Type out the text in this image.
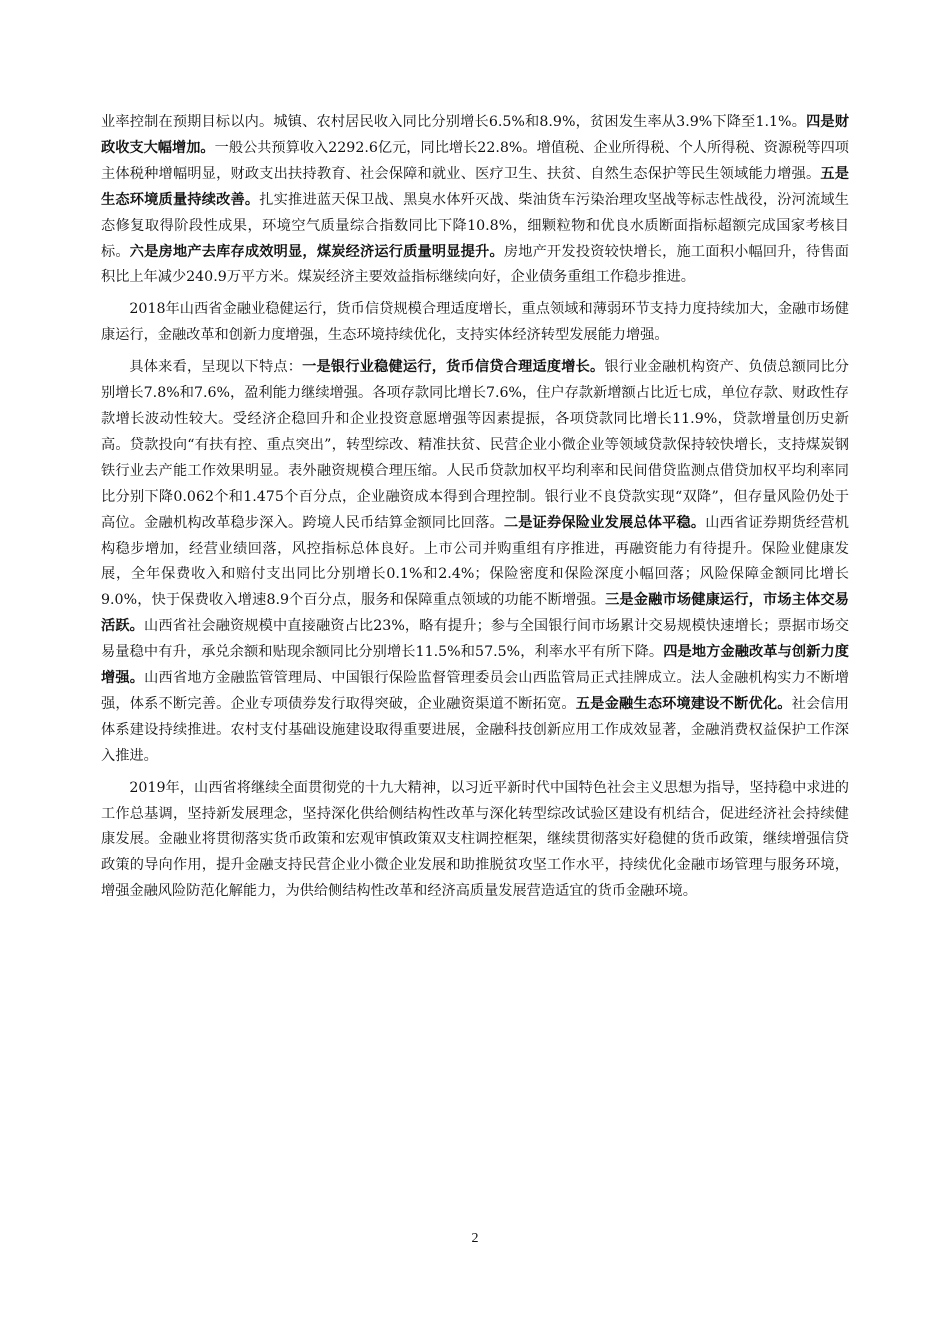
业率控制在预期目标以内。城镇、农村居民收入同比分别增长6.5%和8.9%，贫困发生率从3.9%下降至1.1%。四是财政收支大幅增加。一般公共预算收入2292.6亿元，同比增长22.8%。增值税、企业所得税、个人所得税、资源税等四项主体税种增幅明显，财政支出扶持教育、社会保障和就业、医疗卫生、扶贫、自然生态保护等民生领域能力增强。五是生态环境质量持续改善。扎实推进蓝天保卫战、黑臭水体歼灭战、柴油货车污染治理攻坚战等标志性战役，汾河流域生态修复取得阶段性成果，环境空气质量综合指数同比下降10.8%，细颗粒物和优良水质断面指标超额完成国家考核目标。六是房地产去库存成效明显，煤炭经济运行质量明显提升。房地产开发投资较快增长，施工面积小幅回升，待售面积比上年减少240.9万平方米。煤炭经济主要效益指标继续向好，企业债务重组工作稳步推进。

2018年山西省金融业稳健运行，货币信贷规模合理适度增长，重点领域和薄弱环节支持力度持续加大，金融市场健康运行，金融改革和创新力度增强，生态环境持续优化，支持实体经济转型发展能力增强。

具体来看，呈现以下特点：一是银行业稳健运行，货币信贷合理适度增长。银行业金融机构资产、负债总额同比分别增长7.8%和7.6%，盈利能力继续增强。各项存款同比增长7.6%，住户存款新增额占比近七成，单位存款、财政性存款增长波动性较大。受经济企稳回升和企业投资意愿增强等因素提振，各项贷款同比增长11.9%，贷款增量创历史新高。贷款投向“有扶有控、重点突出”，转型综改、精准扶贫、民营企业小微企业等领域贷款保持较快增长，支持煤炭钢铁行业去产能工作效果明显。表外融资规模合理压缩。人民币贷款加权平均利率和民间借贷监测点借贷加权平均利率同比分别下降0.062个和1.475个百分点，企业融资成本得到合理控制。银行业不良贷款实现“双降”，但存量风险仍处于高位。金融机构改革稳步深入。跨境人民币结算金额同比回落。二是证券保险业发展总体平稳。山西省证券期货经营机构稳步增加，经营业绩回落，风控指标总体良好。上市公司并购重组有序推进，再融资能力有待提升。保险业健康发展，全年保费收入和赔付支出同比分别增长0.1%和2.4%；保险密度和保险深度小幅回落；风险保障金额同比增长9.0%，快于保费收入增速8.9个百分点，服务和保障重点领域的功能不断增强。三是金融市场健康运行，市场主体交易活跃。山西省社会融资规模中直接融资占比23%，略有提升；参与全国银行间市场累计交易规模快速增长；票据市场交易量稳中有升，承兑余额和贴现余额同比分别增长11.5%和57.5%，利率水平有所下降。四是地方金融改革与创新力度增强。山西省地方金融监管管理局、中国银行保险监督管理委员会山西监管局正式挂牌成立。法人金融机构实力不断增强，体系不断完善。企业专项债券发行取得突破，企业融资渠道不断拓宽。五是金融生态环境建设不断优化。社会信用体系建设持续推进。农村支付基础设施建设取得重要进展，金融科技创新应用工作成效显著，金融消费权益保护工作深入推进。

2019年，山西省将继续全面贯彻党的十九大精神，以习近平新时代中国特色社会主义思想为指导，坚持稳中求进的工作总基调，坚持新发展理念，坚持深化供给侧结构性改革与深化转型综改试验区建设有机结合，促进经济社会持续健康发展。金融业将贯彻落实货币政策和宏观审慎政策双支柱调控框架，继续贯彻落实好稳健的货币政策，继续增强信贷政策的导向作用，提升金融支持民营企业小微企业发展和助推脱贫攻坚工作水平，持续优化金融市场管理与服务环境，增强金融风险防范化解能力，为供给侧结构性改革和经济高质量发展营造适宜的货币金融环境。

2
